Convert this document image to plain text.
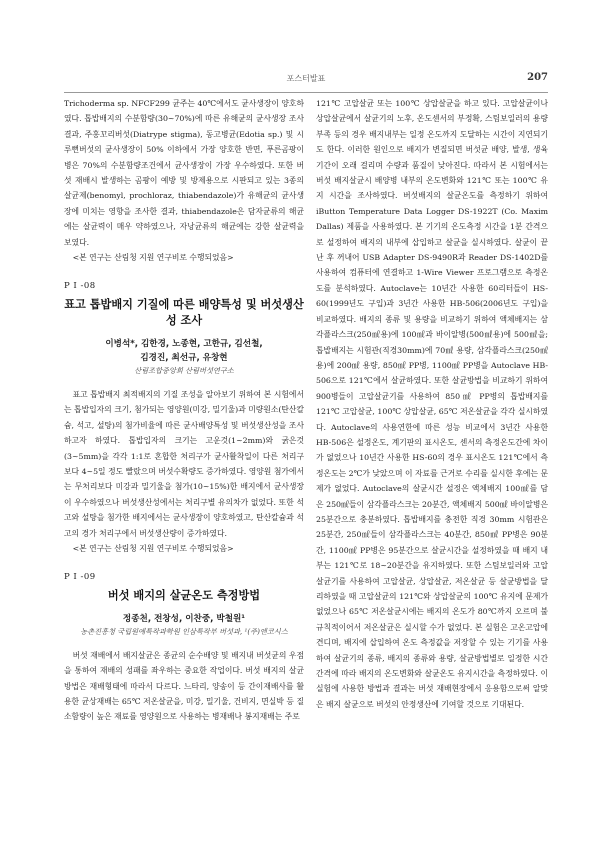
포스터발표	207

Trichoderma sp. NFCF299 균주는 40℃에서도 균사생장이 양호하였다. 톱밥배지의 수분함량(30~70%)에 따른 유해균의 균사생장 조사결과, 주홍꼬리버섯(Diatrype stigma), 동고병균(Edotia sp.) 및 시루뻔버섯의 균사생장이 50% 이하에서 가장 양호한 반면, 푸른곰팡이병은 70%의 수분함량조건에서 균사생장이 가장 우수하였다. 또한 버섯 재배시 발생하는 곰팡이 예방 및 방제용으로 시판되고 있는 3종의 살균제(benomyl, prochloraz, thiabendazole)가 유해균의 균사생장에 미치는 영향을 조사한 결과, thiabendazole은 담자균류의 해균에는 살균력이 매우 약하였으나, 자낭균류의 해균에는 강한 살균력을 보였다.

<본 연구는 산림청 지원 연구비로 수행되었음>

P I -08
표고 톱밥배지 기질에 따른 배양특성 및 버섯생산성 조사
이병석*, 김한경, 노종현, 고한규, 김선철,
김경진, 최선규, 유창현
산림조합중앙회 산림버섯연구소

표고 톱밥배지 최적배지의 기질 조성을 알아보기 위하여 본 시험에서는 톱밥입자의 크기, 첨가되는 영양원(미강, 밀기울)과 미량원소(탄산칼슘, 석고, 설탕)의 첨가비율에 따른 균사배양특성 및 버섯생산성을 조사하고자 하였다. 톱밥입자의 크기는 고운것(1~2mm)와 굵은것(3~5mm)을 각각 1:1로 혼합한 처리구가 균사활착일이 다른 처리구보다 4~5일 정도 빨랐으며 버섯수확량도 증가하였다. 영양원 첨가에서는 무처리보다 미강과 밀기울을 첨가(10~15%)한 배지에서 균사생장이 우수하였으나 버섯생산성에서는 처리구별 유의차가 없었다. 또한 석고와 설탕을 첨가한 배지에서는 균사생장이 양호하였고, 탄산칼슘과 석고의 경가 처리구에서 버섯생산량이 증가하였다.

<본 연구는 산림청 지원 연구비로 수행되었음>

P I -09
버섯 배지의 살균온도 측정방법
정종천, 전창성, 이찬중, 박철원¹
농촌진흥청 국립원예특작과학원 인삼특작부 버섯과, ¹(주)엔코시스

버섯 재배에서 배지살균은 종균의 순수배양 및 배지내 버섯균의 우점을 통하여 재배의 성패를 좌우하는 중요한 작업이다. 버섯 배지의 살균방법은 재배형태에 따라서 다르다. 느타리, 양송이 등 간이재배사를 활용한 균상재배는 65℃ 저온살균을, 미강, 밀기울, 건비지, 면실박 등 질소함량이 높은 재료를 영양원으로 사용하는 병재배나 봉지재배는 주로

121℃ 고압살균 또는 100℃ 상압살균을 하고 있다. 고압살균이나 상압살균에서 살균기의 노후, 온도센서의 부정확, 스팀보일러의 용량부족 등의 경우 배지내부는 일정 온도까지 도달하는 시간이 지연되기도 한다. 이러한 원인으로 배지가 변질되면 버섯균 배양, 발생, 생육 기간이 오래 걸리며 수량과 품질이 낮아진다. 따라서 본 시험에서는 버섯 배지살균시 배양병 내부의 온도변화와 121℃ 또는 100℃ 유지 시간을 조사하였다. 버섯배지의 살균온도를 측정하기 위하여 iButton Temperature Data Logger DS-1922T (Co. Maxim Dallas) 제품을 사용하였다. 본 기기의 온도측정 시간을 1분 간격으로 설정하여 배지의 내부에 삽입하고 살균을 실시하였다. 살균이 끝난 후 꺼내어 USB Adapter DS-9490R과 Reader DS-1402D를 사용하여 컴퓨터에 연결하고 1-Wire Viewer 프로그램으로 측정온도를 분석하였다. Autoclave는 10년간 사용한 60리터들이 HS-60(1999년도 구입)과 3년간 사용한 HB-506(2006년도 구입)을 비교하였다. 배지의 종류 및 용량을 비교하기 위하여 액체배지는 삼각플라스크(250㎖용)에 100㎖과 바이알병(500㎖용)에 500㎖을; 톱밥배지는 시험관(직경30mm)에 70㎖ 용량, 삼각플라스크(250㎖용)에 200㎖ 용량, 850㎖ PP병, 1100㎖ PP병을 Autoclave HB-506으로 121℃에서 살균하였다. 또한 살균방법을 비교하기 위하여 900병들이 고압살균기를 사용하여 850㎖ PP병의 톱밥배지를 121℃ 고압살균, 100℃ 상압살균, 65℃ 저온살균을 각각 실시하였다. Autoclave의 사용연한에 따른 성능 비교에서 3년간 사용한 HB-506은 설정온도, 계기판의 표시온도, 센서의 측정온도간에 차이가 없었으나 10년간 사용한 HS-60의 경우 표시온도 121℃에서 측정온도는 2℃가 낮았으며 이 자료를 근거로 수리를 실시한 후에는 문제가 없었다. Autoclave의 살균시간 설정은 액체배지 100㎖를 담은 250㎖들이 삼각플라스크는 20분간, 액체배지 500㎖ 바이알병은 25분간으로 충분하였다. 톱밥배지를 충전한 직경 30mm 시험관은 25분간, 250㎖들이 삼각플라스크는 40분간, 850㎖ PP병은 90분간, 1100㎖ PP병은 95분간으로 살균시간을 설정하였을 때 배지 내부는 121℃로 18~20분간을 유지하였다. 또한 스팀보일러와 고압살균기를 사용하여 고압살균, 상압살균, 저온살균 등 살균방법을 달리하였을 때 고압살균의 121℃와 상압살균의 100℃ 유지에 문제가 없었으나 65℃ 저온살균시에는 배지의 온도가 80℃까지 오르며 불규칙적이어서 저온살균은 실시할 수가 없었다. 본 실험은 고온고압에 견디며, 배지에 삽입하여 온도 측정값을 저장할 수 있는 기기를 사용하여 살균기의 종류, 배지의 종류와 용량, 살균방법별로 일정한 시간 간격에 따라 배지의 온도변화와 살균온도 유지시간을 측정하였다. 이 실험에 사용한 방법과 결과는 버섯 재배현장에서 응용함으로써 알맞은 배지 살균으로 버섯의 안정생산에 기여할 것으로 기대된다.
